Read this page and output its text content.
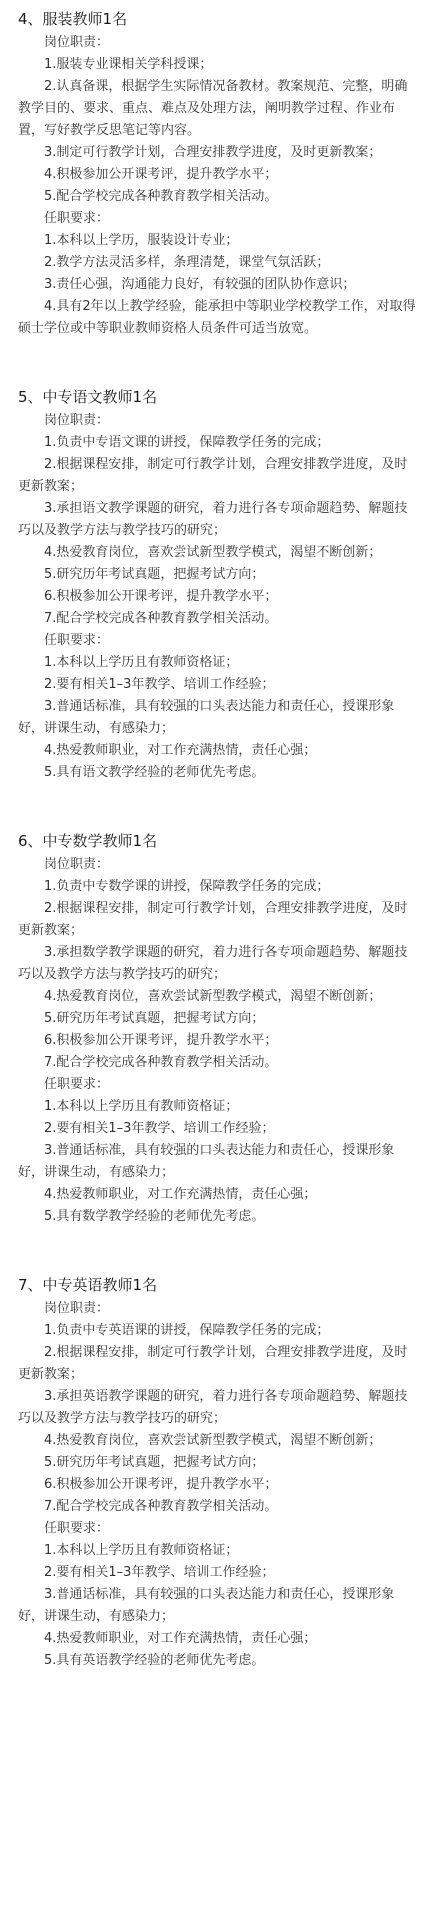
4、服装教师1名
岗位职责：
1.服装专业课相关学科授课；
2.认真备课，根据学生实际情况备教材。教案规范、完整，明确教学目的、要求、重点、难点及处理方法，阐明教学过程、作业布置，写好教学反思笔记等内容。
3.制定可行教学计划，合理安排教学进度，及时更新教案；
4.积极参加公开课考评，提升教学水平；
5.配合学校完成各种教育教学相关活动。
任职要求：
1.本科以上学历，服装设计专业；
2.教学方法灵活多样，条理清楚，课堂气氛活跃；
3.责任心强，沟通能力良好，有较强的团队协作意识；
4.具有2年以上教学经验，能承担中等职业学校教学工作，对取得硕士学位或中等职业教师资格人员条件可适当放宽。
5、中专语文教师1名
岗位职责：
1.负责中专语文课的讲授，保障教学任务的完成；
2.根据课程安排，制定可行教学计划，合理安排教学进度，及时更新教案；
3.承担语文教学课题的研究，着力进行各专项命题趋势、解题技巧以及教学方法与教学技巧的研究；
4.热爱教育岗位，喜欢尝试新型教学模式，渴望不断创新；
5.研究历年考试真题，把握考试方向；
6.积极参加公开课考评，提升教学水平；
7.配合学校完成各种教育教学相关活动。
任职要求：
1.本科以上学历且有教师资格证；
2.要有相关1–3年教学、培训工作经验；
3.普通话标准，具有较强的口头表达能力和责任心，授课形象好，讲课生动，有感染力；
4.热爱教师职业，对工作充满热情，责任心强；
5.具有语文教学经验的老师优先考虑。
6、中专数学教师1名
岗位职责：
1.负责中专数学课的讲授，保障教学任务的完成；
2.根据课程安排，制定可行教学计划，合理安排教学进度，及时更新教案；
3.承担数学教学课题的研究，着力进行各专项命题趋势、解题技巧以及教学方法与教学技巧的研究；
4.热爱教育岗位，喜欢尝试新型教学模式，渴望不断创新；
5.研究历年考试真题，把握考试方向；
6.积极参加公开课考评，提升教学水平；
7.配合学校完成各种教育教学相关活动。
任职要求：
1.本科以上学历且有教师资格证；
2.要有相关1–3年教学、培训工作经验；
3.普通话标准，具有较强的口头表达能力和责任心，授课形象好，讲课生动，有感染力；
4.热爱教师职业，对工作充满热情，责任心强；
5.具有数学教学经验的老师优先考虑。
7、中专英语教师1名
岗位职责：
1.负责中专英语课的讲授，保障教学任务的完成；
2.根据课程安排，制定可行教学计划，合理安排教学进度，及时更新教案；
3.承担英语教学课题的研究，着力进行各专项命题趋势、解题技巧以及教学方法与教学技巧的研究；
4.热爱教育岗位，喜欢尝试新型教学模式，渴望不断创新；
5.研究历年考试真题，把握考试方向；
6.积极参加公开课考评，提升教学水平；
7.配合学校完成各种教育教学相关活动。
任职要求：
1.本科以上学历且有教师资格证；
2.要有相关1–3年教学、培训工作经验；
3.普通话标准，具有较强的口头表达能力和责任心，授课形象好，讲课生动，有感染力；
4.热爱教师职业，对工作充满热情，责任心强；
5.具有英语教学经验的老师优先考虑。
